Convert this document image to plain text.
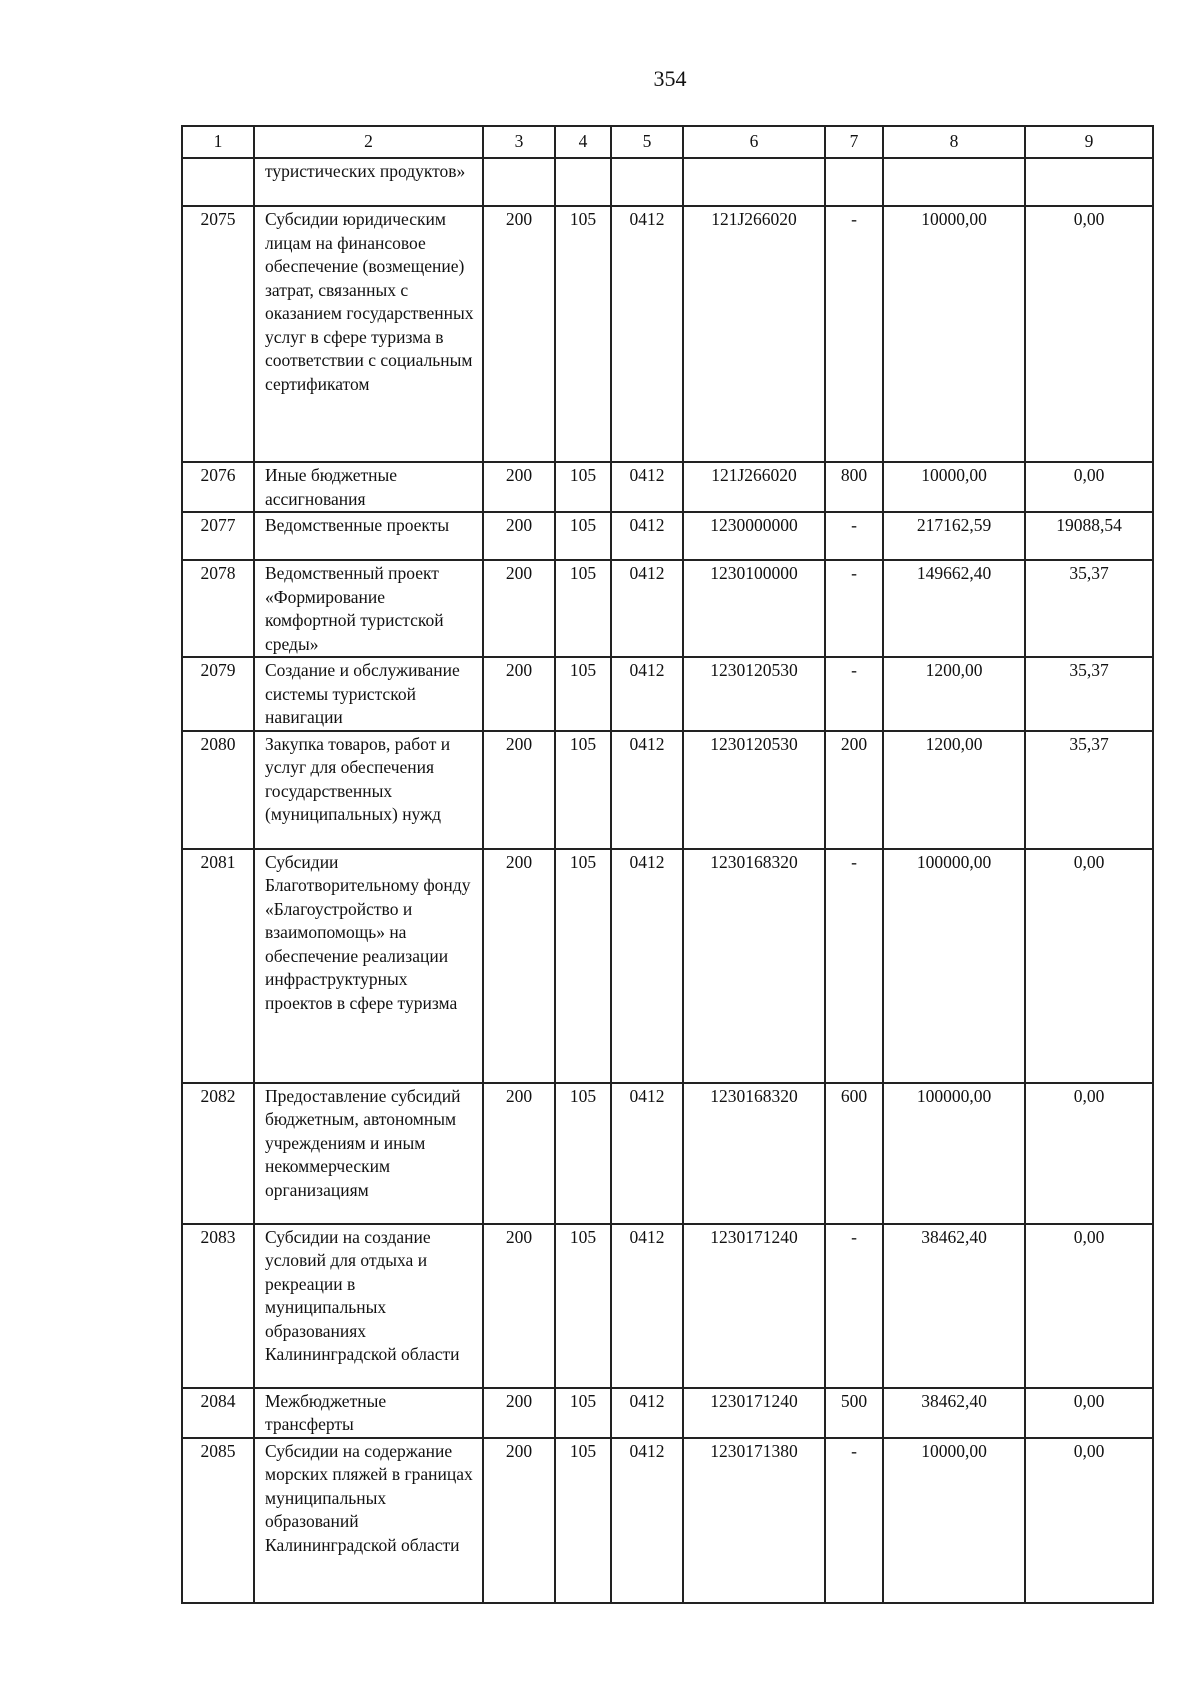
354
1	2	3	4	5	6	7	8	9
	туристических продуктов»							
2075	Субсидии юридическим лицам на финансовое обеспечение (возмещение) затрат, связанных с оказанием государственных услуг в сфере туризма в соответствии с социальным сертификатом	200	105	0412	121J266020	-	10000,00	0,00
2076	Иные бюджетные ассигнования	200	105	0412	121J266020	800	10000,00	0,00
2077	Ведомственные проекты	200	105	0412	1230000000	-	217162,59	19088,54
2078	Ведомственный проект «Формирование комфортной туристской среды»	200	105	0412	1230100000	-	149662,40	35,37
2079	Создание и обслуживание системы туристской навигации	200	105	0412	1230120530	-	1200,00	35,37
2080	Закупка товаров, работ и услуг для обеспечения государственных (муниципальных) нужд	200	105	0412	1230120530	200	1200,00	35,37
2081	Субсидии Благотворительному фонду «Благоустройство и взаимопомощь» на обеспечение реализации инфраструктурных проектов в сфере туризма	200	105	0412	1230168320	-	100000,00	0,00
2082	Предоставление субсидий бюджетным, автономным учреждениям и иным некоммерческим организациям	200	105	0412	1230168320	600	100000,00	0,00
2083	Субсидии на создание условий для отдыха и рекреации в муниципальных образованиях Калининградской области	200	105	0412	1230171240	-	38462,40	0,00
2084	Межбюджетные трансферты	200	105	0412	1230171240	500	38462,40	0,00
2085	Субсидии на содержание морских пляжей в границах муниципальных образований Калининградской области	200	105	0412	1230171380	-	10000,00	0,00
